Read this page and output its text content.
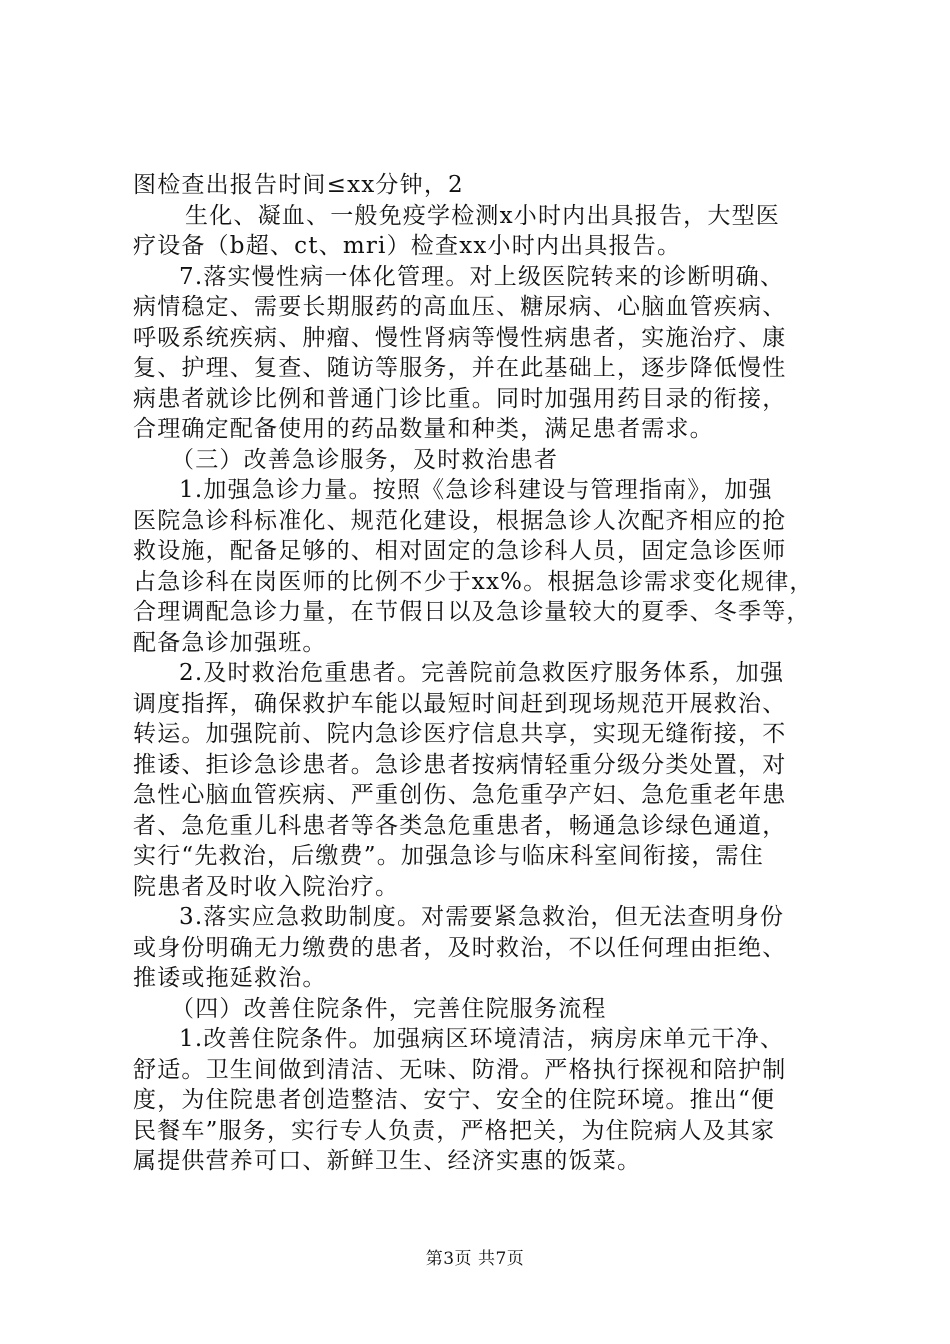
图检查出报告时间≤xx分钟，2
生化、凝血、一般免疫学检测x小时内出具报告，大型医
疗设备（b超、ct、mri）检查xx小时内出具报告。
7.落实慢性病一体化管理。对上级医院转来的诊断明确、
病情稳定、需要长期服药的高血压、糖尿病、心脑血管疾病、
呼吸系统疾病、肿瘤、慢性肾病等慢性病患者，实施治疗、康
复、护理、复查、随访等服务，并在此基础上，逐步降低慢性
病患者就诊比例和普通门诊比重。同时加强用药目录的衔接，
合理确定配备使用的药品数量和种类，满足患者需求。
（三）改善急诊服务，及时救治患者
1.加强急诊力量。按照《急诊科建设与管理指南》，加强
医院急诊科标准化、规范化建设，根据急诊人次配齐相应的抢
救设施，配备足够的、相对固定的急诊科人员，固定急诊医师
占急诊科在岗医师的比例不少于xx%。根据急诊需求变化规律，
合理调配急诊力量，在节假日以及急诊量较大的夏季、冬季等，
配备急诊加强班。
2.及时救治危重患者。完善院前急救医疗服务体系，加强
调度指挥，确保救护车能以最短时间赶到现场规范开展救治、
转运。加强院前、院内急诊医疗信息共享，实现无缝衔接，不
推诿、拒诊急诊患者。急诊患者按病情轻重分级分类处置，对
急性心脑血管疾病、严重创伤、急危重孕产妇、急危重老年患
者、急危重儿科患者等各类急危重患者，畅通急诊绿色通道，
实行“先救治，后缴费”。加强急诊与临床科室间衔接，需住
院患者及时收入院治疗。
3.落实应急救助制度。对需要紧急救治，但无法查明身份
或身份明确无力缴费的患者，及时救治，不以任何理由拒绝、
推诿或拖延救治。
（四）改善住院条件，完善住院服务流程
1.改善住院条件。加强病区环境清洁，病房床单元干净、
舒适。卫生间做到清洁、无味、防滑。严格执行探视和陪护制
度，为住院患者创造整洁、安宁、安全的住院环境。推出“便
民餐车”服务，实行专人负责，严格把关，为住院病人及其家
属提供营养可口、新鲜卫生、经济实惠的饭菜。
第3页 共7页
